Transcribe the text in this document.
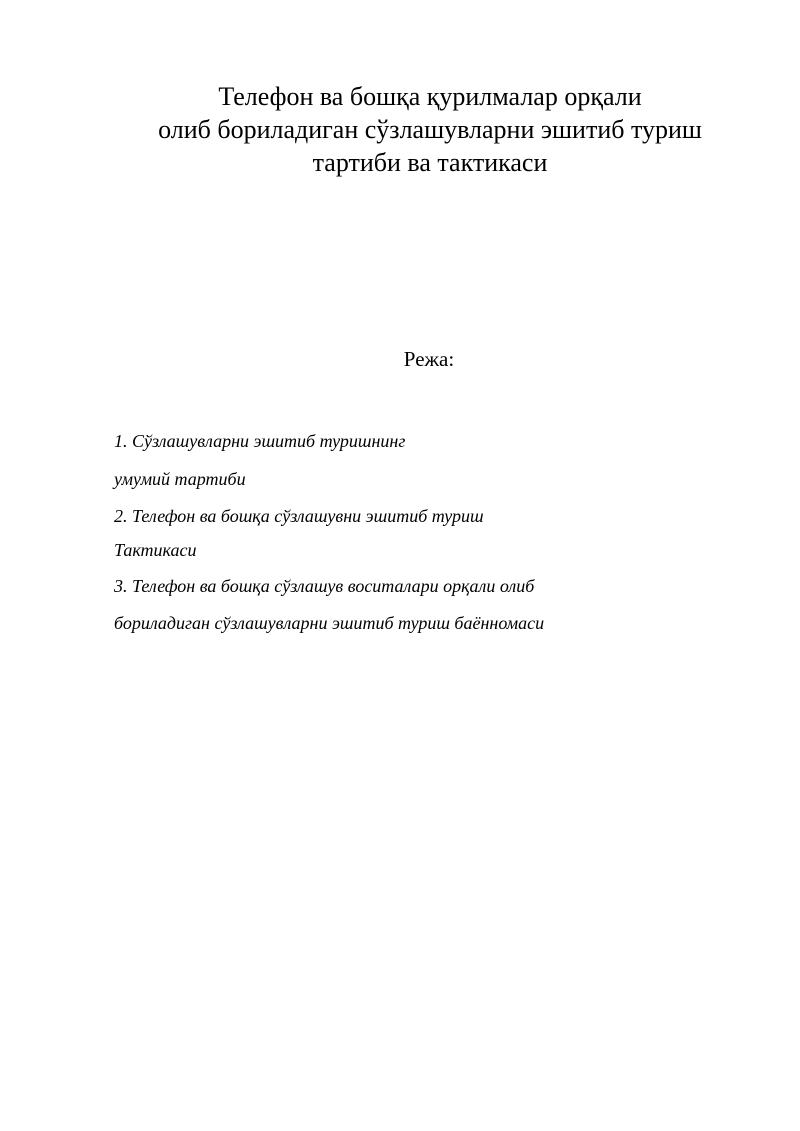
Телефон ва бошқа қурилмалар орқали
олиб бориладиган сўзлашувларни эшитиб туриш
тартиби ва тактикаси
Режа:
1. Сўзлашувларни эшитиб туришнинг
умумий тартиби
2. Телефон ва бошқа сўзлашувни эшитиб туриш
Тактикаси
3. Телефон ва бошқа сўзлашув воситалари орқали олиб
бориладиган сўзлашувларни эшитиб туриш баённомаси
